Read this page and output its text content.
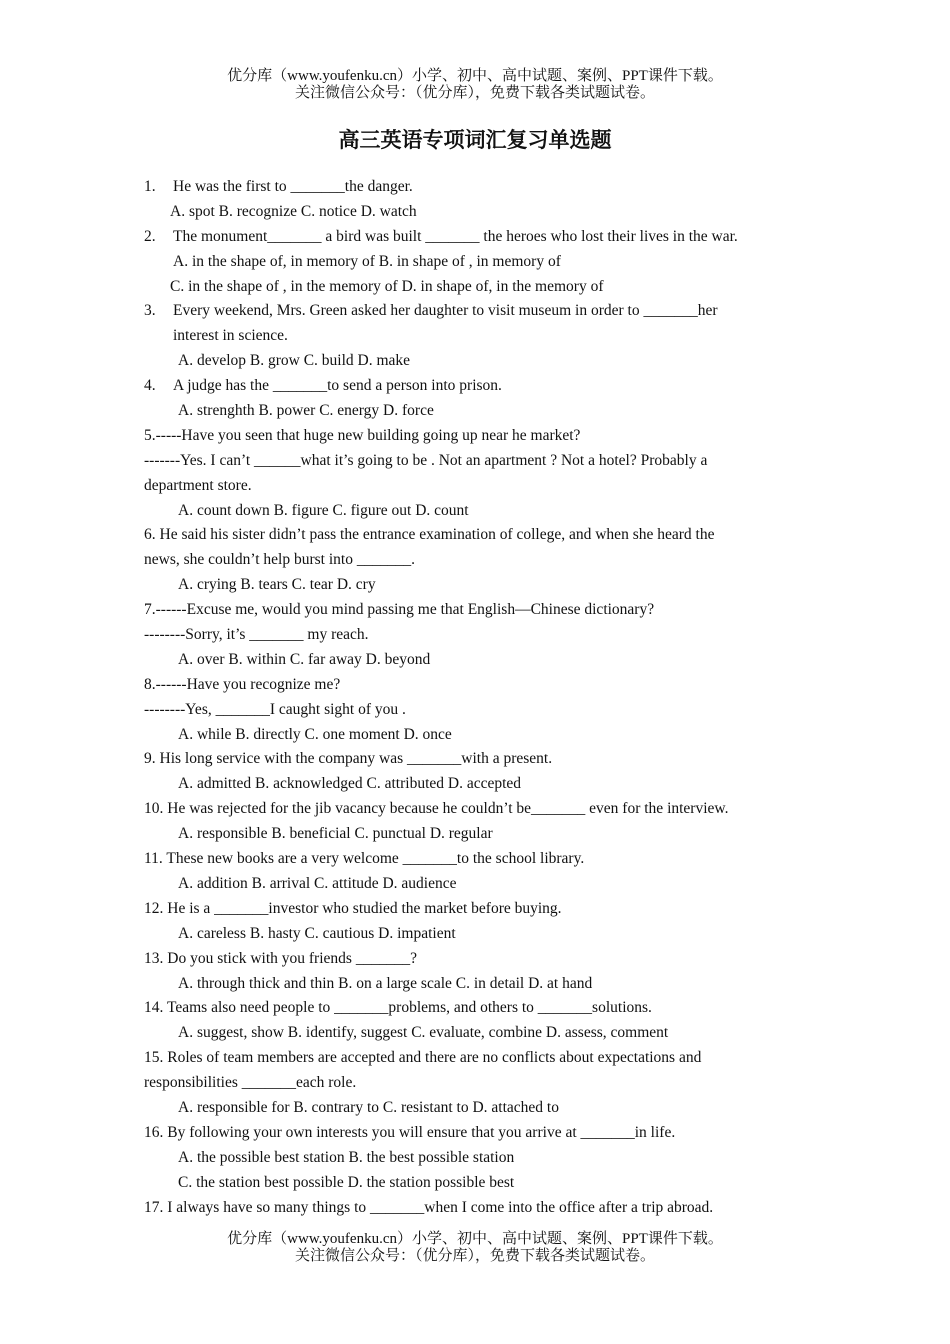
优分库（www.youfenku.cn）小学、初中、高中试题、案例、PPT课件下载。
关注微信公众号：（优分库），免费下载各类试题试卷。
高三英语专项词汇复习单选题
1. He was the first to _______the danger.
A. spot B. recognize C. notice D. watch
2. The monument_______ a bird was built _______ the heroes who lost their lives in the war.
A. in the shape of, in memory of B. in shape of , in memory of
C. in the shape of , in the memory of D. in shape of, in the memory of
3. Every weekend, Mrs. Green asked her daughter to visit museum in order to _______her
interest in science.
A. develop B. grow C. build D. make
4. A judge has the _______to send a person into prison.
A. strenghth B. power C. energy D. force
5.-----Have you seen that huge new building going up near he market?
-------Yes. I can’t ______what it’s going to be . Not an apartment ? Not a hotel? Probably a
department store.
A. count down B. figure C. figure out D. count
6. He said his sister didn’t pass the entrance examination of college, and when she heard the
news, she couldn’t help burst into _______.
A. crying B. tears C. tear D. cry
7.------Excuse me, would you mind passing me that English—Chinese dictionary?
--------Sorry, it’s _______ my reach.
A. over B. within C. far away D. beyond
8.------Have you recognize me?
--------Yes, _______I caught sight of you .
A. while B. directly C. one moment D. once
9. His long service with the company was _______with a present.
A. admitted B. acknowledged C. attributed D. accepted
10. He was rejected for the jib vacancy because he couldn’t be_______ even for the interview.
A. responsible B. beneficial C. punctual D. regular
11. These new books are a very welcome _______to the school library.
A. addition B. arrival C. attitude D. audience
12. He is a _______investor who studied the market before buying.
A. careless B. hasty C. cautious D. impatient
13. Do you stick with you friends _______?
A. through thick and thin B. on a large scale C. in detail D. at hand
14. Teams also need people to _______problems, and others to _______solutions.
A. suggest, show B. identify, suggest C. evaluate, combine D. assess, comment
15. Roles of team members are accepted and there are no conflicts about expectations and
responsibilities _______each role.
A. responsible for B. contrary to C. resistant to D. attached to
16. By following your own interests you will ensure that you arrive at _______in life.
A. the possible best station B. the best possible station
C. the station best possible D. the station possible best
17. I always have so many things to _______when I come into the office after a trip abroad.
优分库（www.youfenku.cn）小学、初中、高中试题、案例、PPT课件下载。
关注微信公众号：（优分库），免费下载各类试题试卷。
